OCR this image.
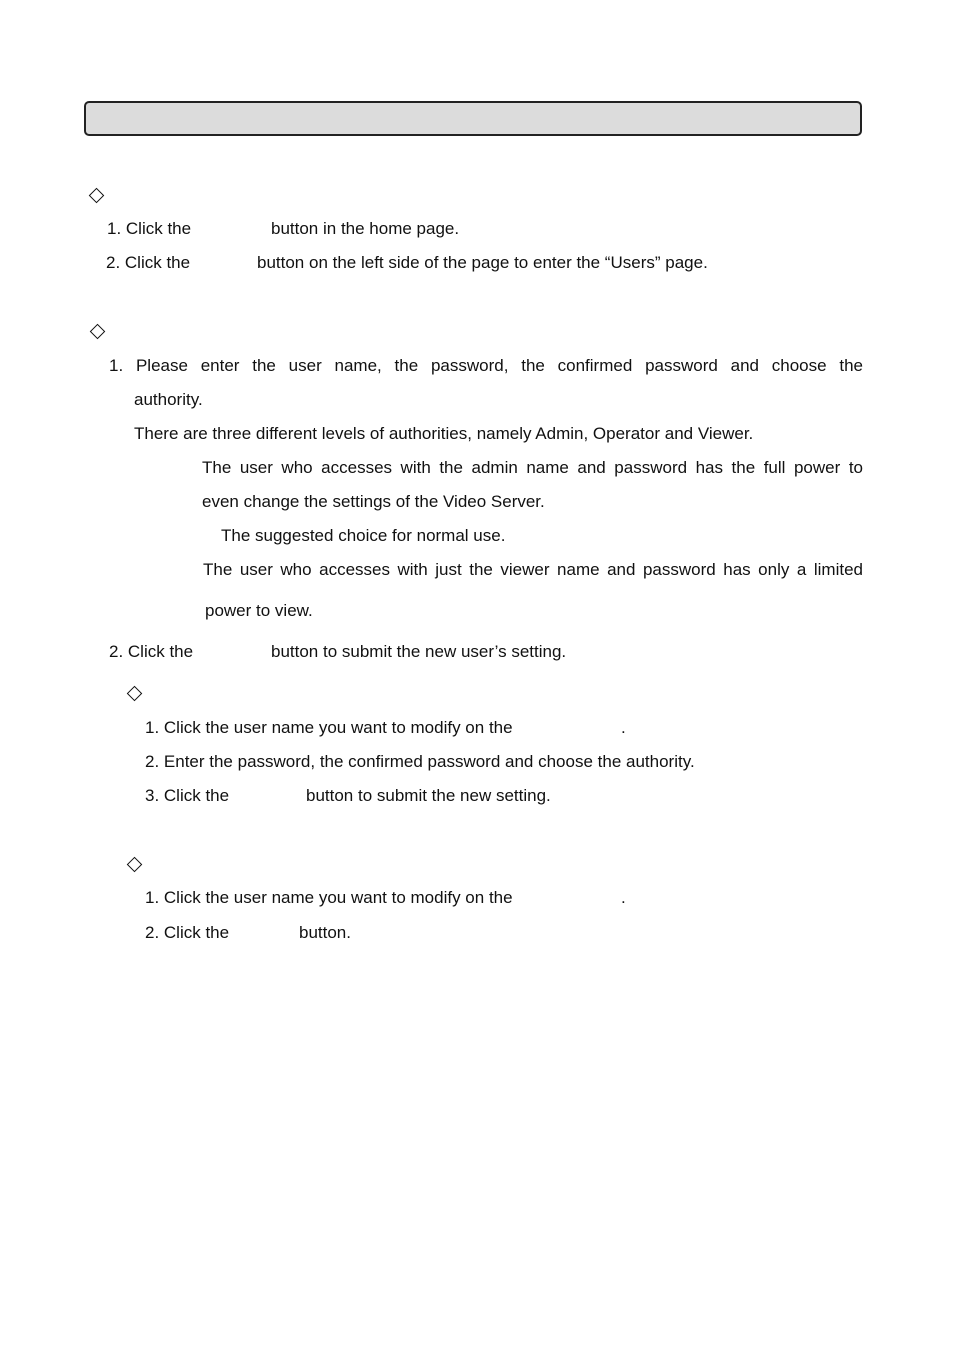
1. Click the	button in the home page.
2. Click the	button on the left side of the page to enter the “Users” page.
1. Please enter the user name, the password, the confirmed password and choose the
authority.
There are three different levels of authorities, namely Admin, Operator and Viewer.
The user who accesses with the admin name and password has the full power to
even change the settings of the Video Server.
The suggested choice for normal use.
The user who accesses with just the viewer name and password has only a limited
power to view.
2. Click the	button to submit the new user’s setting.
1. Click the user name you want to modify on the	.
2. Enter the password, the confirmed password and choose the authority.
3. Click the	button to submit the new setting.
1. Click the user name you want to modify on the	.
2. Click the	button.
